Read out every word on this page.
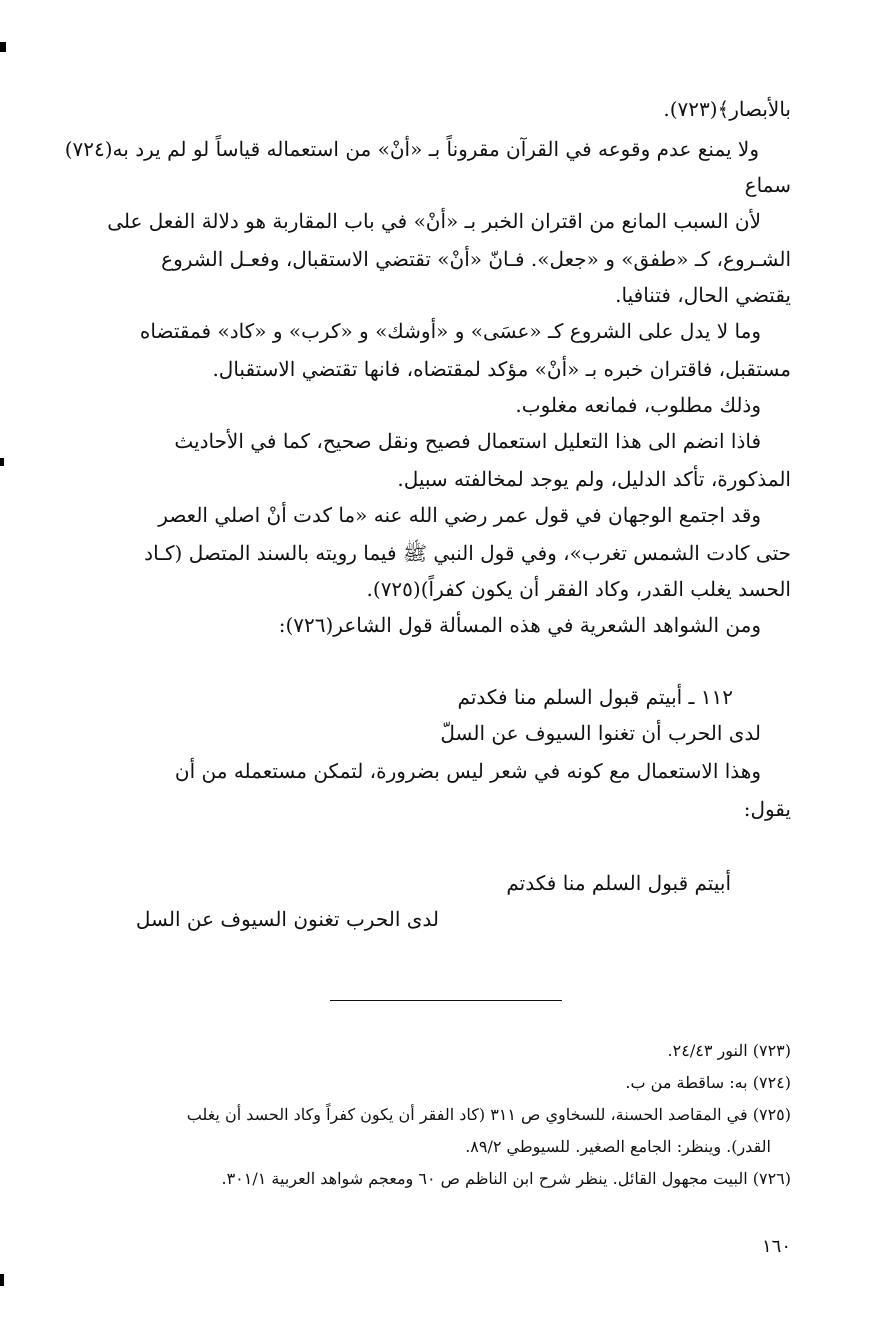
بالأبصار﴾(٧٢٣).
ولا يمنع عدم وقوعه في القرآن مقروناً بـ «أنْ» من استعماله قياساً لو لم يرد به(٧٢٤)
سماع
لأن السبب المانع من اقتران الخبر بـ «أنْ» في باب المقاربة هو دلالة الفعل على
الشـروع، كـ «طفق» و «جعل». فـانّ «أنْ» تقتضي الاستقبال، وفعـل الشروع
يقتضي الحال، فتنافيا.
وما لا يدل على الشروع كـ «عسَى» و «أوشك» و «كرب» و «كاد» فمقتضاه
مستقبل، فاقتران خبره بـ «أنْ» مؤكد لمقتضاه، فانها تقتضي الاستقبال.
وذلك مطلوب، فمانعه مغلوب.
فاذا انضم الى هذا التعليل استعمال فصيح ونقل صحيح، كما في الأحاديث
المذكورة، تأكد الدليل، ولم يوجد لمخالفته سبيل.
وقد اجتمع الوجهان في قول عمر رضي الله عنه «ما كدت أنْ اصلي العصر
حتى كادت الشمس تغرب»، وفي قول النبي ﷺ فيما رويته بالسند المتصل (كـاد
الحسد يغلب القدر، وكاد الفقر أن يكون كفراً)(٧٢٥).
ومن الشواهد الشعرية في هذه المسألة قول الشاعر(٧٢٦):
١١٢ ـ أبيتم قبول السلم منا فكدتم
لدى الحرب أن تغنوا السيوف عن السلّ
وهذا الاستعمال مع كونه في شعر ليس بضرورة، لتمكن مستعمله من أن
يقول:
أبيتم قبول السلم منا فكدتم
لدى الحرب تغنون السيوف عن السل
(٧٢٣) النور ٢٤/٤٣.
(٧٢٤) به: ساقطة من ب.
(٧٢٥) في المقاصد الحسنة، للسخاوي ص ٣١١ (كاد الفقر أن يكون كفراً وكاد الحسد أن يغلب
القدر). وينظر: الجامع الصغير. للسيوطي ٨٩/٢.
(٧٢٦) البيت مجهول القائل. ينظر شرح ابن الناظم ص ٦٠ ومعجم شواهد العربية ٣٠١/١.
١٦٠
